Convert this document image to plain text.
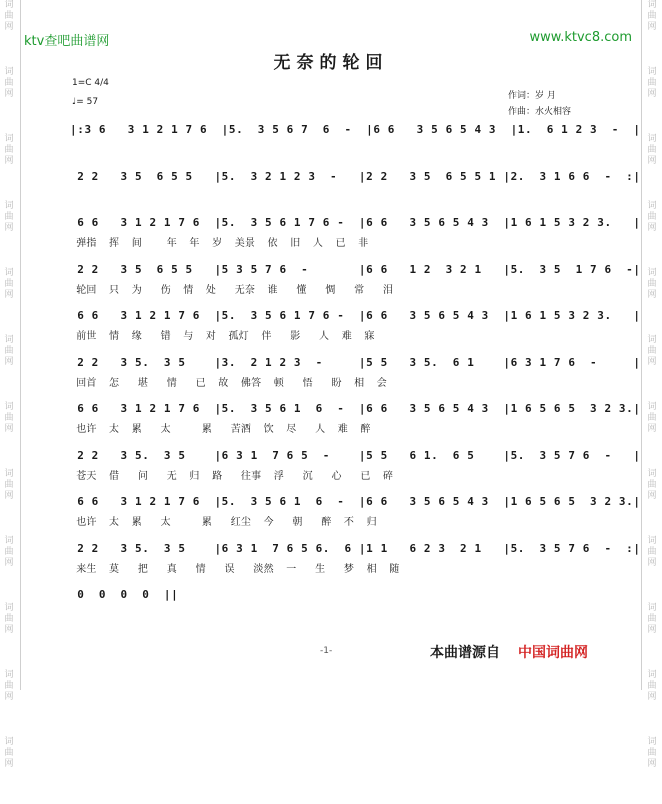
词
曲
网
词
曲
网
词
曲
网
词
曲
网
词
曲
网
词
曲
网
词
曲
网
词
曲
网
词
曲
网
词
曲
网
词
曲
网
词
曲
网
词
曲
网
词
曲
网
词
曲
网
词
曲
网
词
曲
网
词
曲
网
词
曲
网
词
曲
网
词
曲
网
词
曲
网
词
曲
网
词
曲
网
ktv查吧曲谱网	www.ktvc8.com
无奈的轮回
1=C 4/4
♩= 57
作词：岁 月
作曲：水火相容
|:3 6   3 1 2 1 7 6  |5.  3 5 6 7  6  -  |6 6   3 5 6 5 4 3  |1.  6 1 2 3  -  |
2 2   3 5  6 5 5   |5.  3 2 1 2 3  -   |2 2   3 5  6 5 5 1 |2.  3 1 6 6  -  :|
6 6   3 1 2 1 7 6  |5.  3 5 6 1 7 6 -  |6 6   3 5 6 5 4 3  |1 6 1 5 3 2 3.   |
弹指  挥  间    年  年  岁  美景  依  旧  人  已  非
2 2   3 5  6 5 5   |5 3 5 7 6  -       |6 6   1 2  3 2 1   |5.  3 5  1 7 6  -|
轮回  只  为   伤  情  处   无奈  谁   懂   惆   常   泪
6 6   3 1 2 1 7 6  |5.  3 5 6 1 7 6 -  |6 6   3 5 6 5 4 3  |1 6 1 5 3 2 3.   |
前世  情  缘   错  与  对  孤灯  伴   影   人  难  寐
2 2   3 5.  3 5    |3.  2 1 2 3  -     |5 5   3 5.  6 1    |6 3 1 7 6  -     |
回首  怎   堪   情   已  故  佛答  顿   悟   盼  相  会
6 6   3 1 2 1 7 6  |5.  3 5 6 1  6  -  |6 6   3 5 6 5 4 3  |1 6 5 6 5  3 2 3.|
也许  太  累   太     累   苦酒  饮  尽   人  难  醉
2 2   3 5.  3 5    |6 3 1  7 6 5  -    |5 5   6 1.  6 5    |5.  3 5 7 6  -   |
苍天  借   问   无  归  路   往事  浮   沉   心   已  碎
6 6   3 1 2 1 7 6  |5.  3 5 6 1  6  -  |6 6   3 5 6 5 4 3  |1 6 5 6 5  3 2 3.|
也许  太  累   太     累   红尘  今   朝   醉  不  归
2 2   3 5.  3 5    |6 3 1  7 6 5 6.  6 |1 1   6 2 3  2 1   |5.  3 5 7 6  -  :|
来生  莫   把   真   情   误   淡然  一   生   梦  相  随
0  0  0  0  ||
-1-	本曲谱源自 中国词曲网
